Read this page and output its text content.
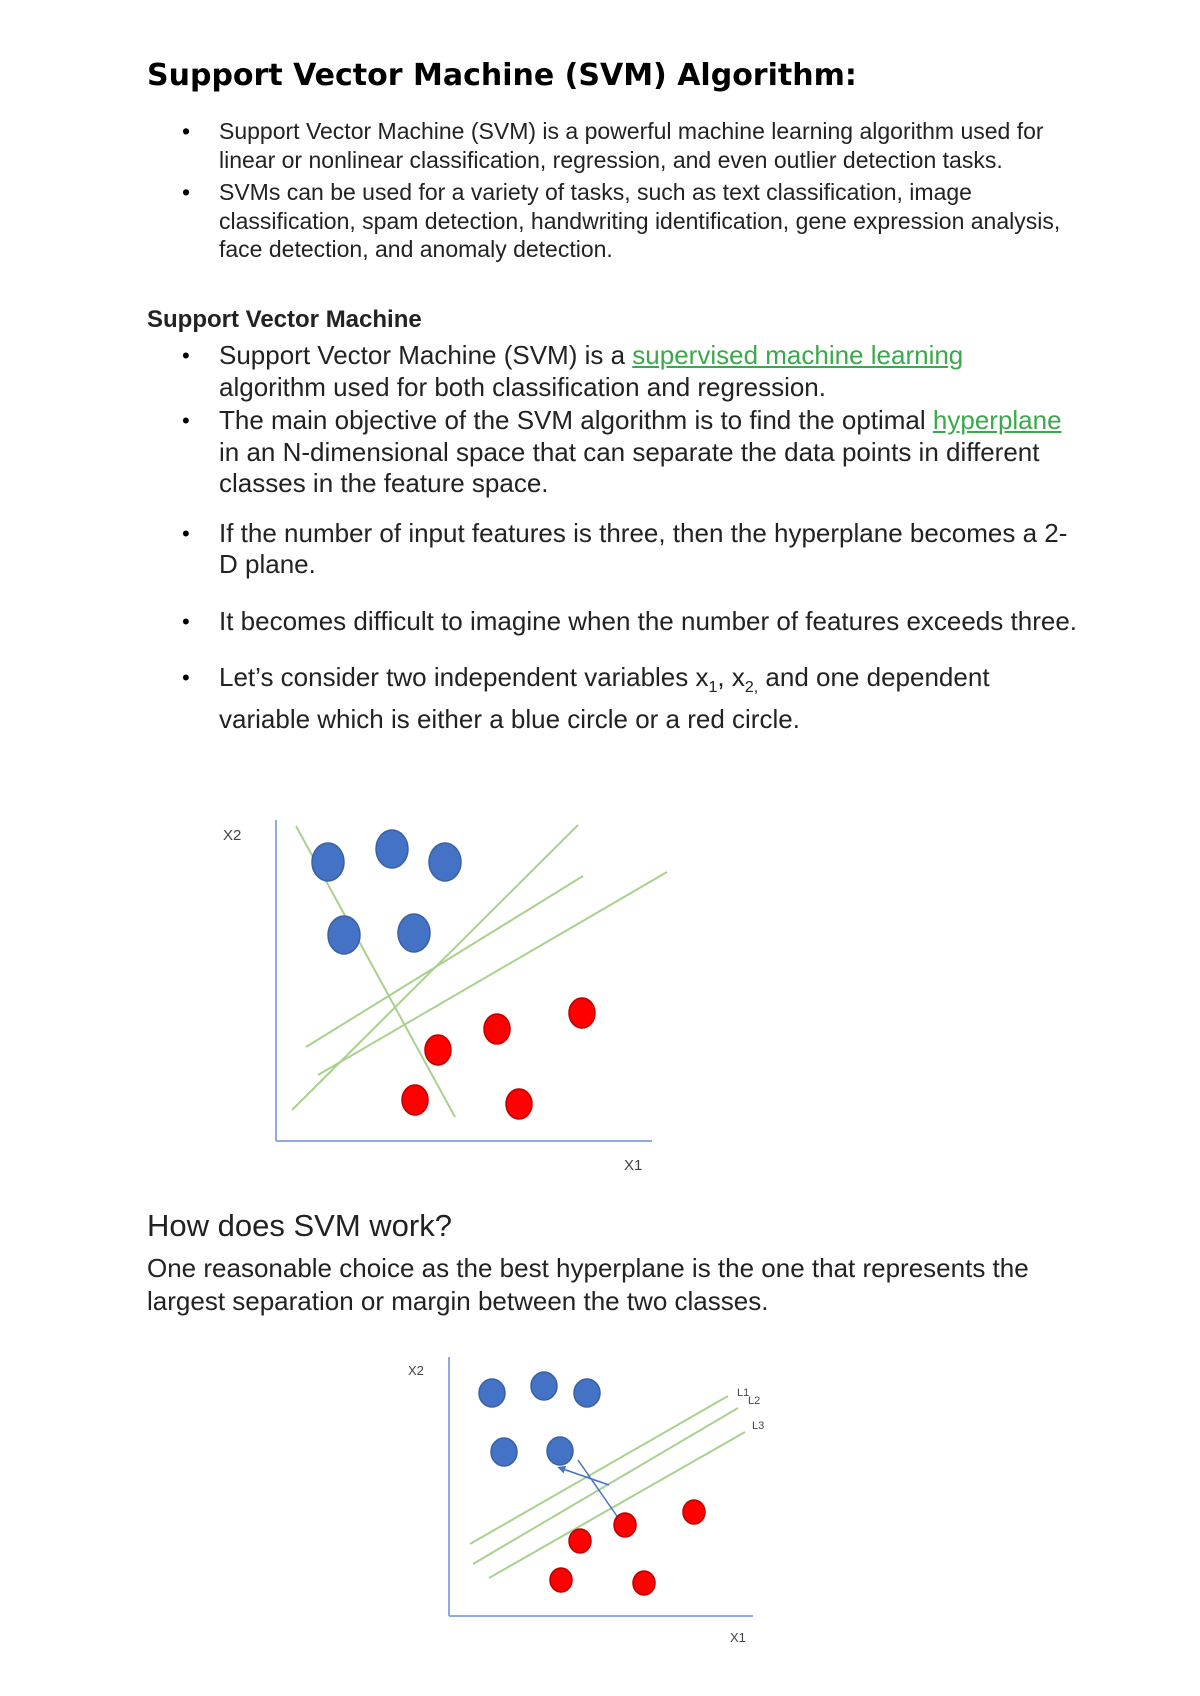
Support Vector Machine (SVM) Algorithm:
• Support Vector Machine (SVM) is a powerful machine learning algorithm used for linear or nonlinear classification, regression, and even outlier detection tasks.
• SVMs can be used for a variety of tasks, such as text classification, image classification, spam detection, handwriting identification, gene expression analysis, face detection, and anomaly detection.
Support Vector Machine
• Support Vector Machine (SVM) is a supervised machine learning algorithm used for both classification and regression.
• The main objective of the SVM algorithm is to find the optimal hyperplane in an N-dimensional space that can separate the data points in different classes in the feature space.
• If the number of input features is three, then the hyperplane becomes a 2-D plane.
• It becomes difficult to imagine when the number of features exceeds three.
• Let’s consider two independent variables $x_1$, $x_{2,}$ and one dependent variable which is either a blue circle or a red circle.
X2
X1
How does SVM work?

One reasonable choice as the best hyperplane is the one that represents the largest separation or margin between the two classes.

X2
X1
L1
L2
L3
